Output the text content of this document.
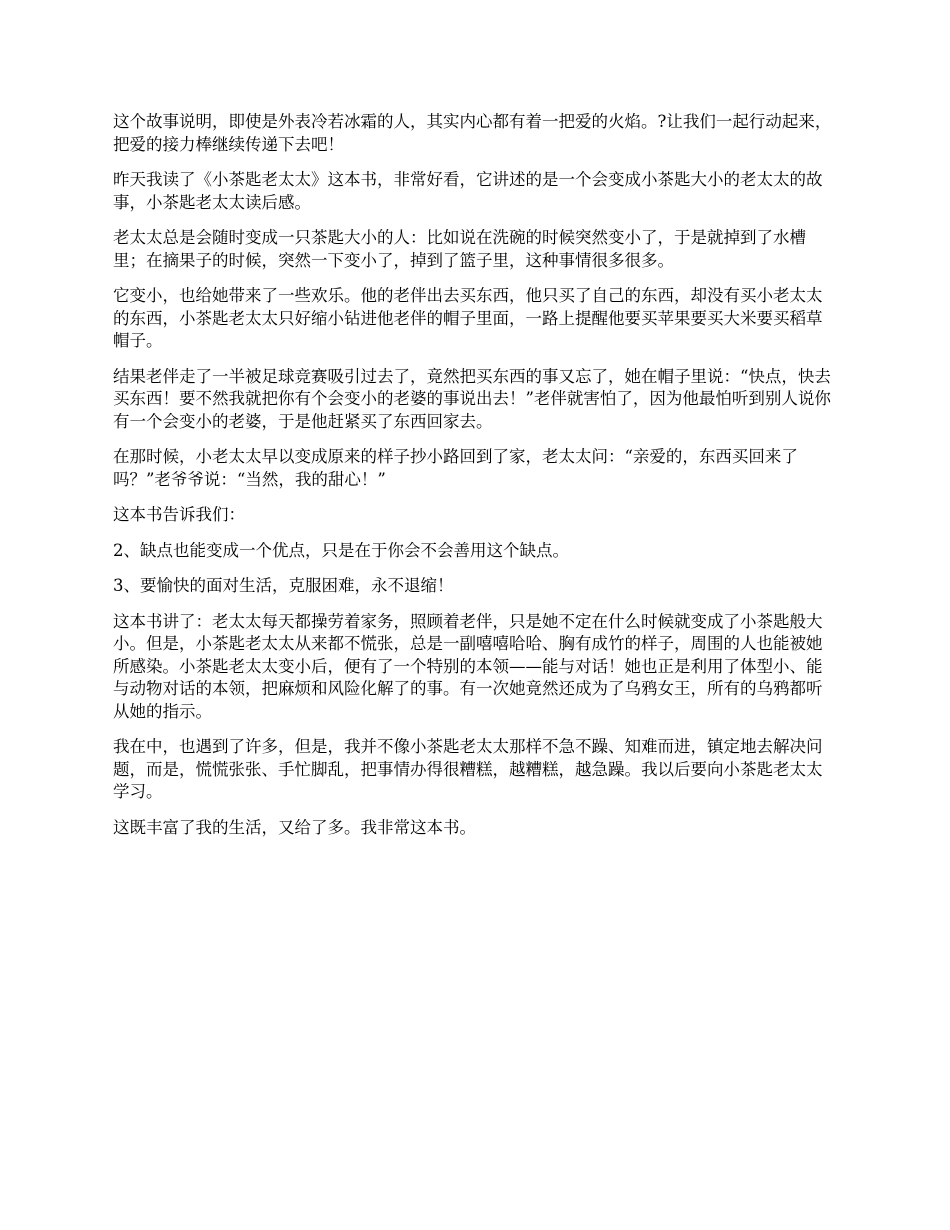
这个故事说明，即使是外表冷若冰霜的人，其实内心都有着一把爱的火焰。?让我们一起行动起来，把爱的接力棒继续传递下去吧！

昨天我读了《小茶匙老太太》这本书，非常好看，它讲述的是一个会变成小茶匙大小的老太太的故事，小茶匙老太太读后感。

老太太总是会随时变成一只茶匙大小的人：比如说在洗碗的时候突然变小了，于是就掉到了水槽里；在摘果子的时候，突然一下变小了，掉到了篮子里，这种事情很多很多。

它变小，也给她带来了一些欢乐。他的老伴出去买东西，他只买了自己的东西，却没有买小老太太的东西，小茶匙老太太只好缩小钻进他老伴的帽子里面，一路上提醒他要买苹果要买大米要买稻草帽子。

结果老伴走了一半被足球竞赛吸引过去了，竟然把买东西的事又忘了，她在帽子里说：“快点，快去买东西！要不然我就把你有个会变小的老婆的事说出去！”老伴就害怕了，因为他最怕听到别人说你有一个会变小的老婆，于是他赶紧买了东西回家去。

在那时候，小老太太早以变成原来的样子抄小路回到了家，老太太问：“亲爱的，东西买回来了吗？”老爷爷说：“当然，我的甜心！”

这本书告诉我们：

2、缺点也能变成一个优点，只是在于你会不会善用这个缺点。

3、要愉快的面对生活，克服困难，永不退缩！

这本书讲了：老太太每天都操劳着家务，照顾着老伴，只是她不定在什么时候就变成了小茶匙般大小。但是，小茶匙老太太从来都不慌张，总是一副嘻嘻哈哈、胸有成竹的样子，周围的人也能被她所感染。小茶匙老太太变小后，便有了一个特别的本领——能与对话！她也正是利用了体型小、能与动物对话的本领，把麻烦和风险化解了的事。有一次她竟然还成为了乌鸦女王，所有的乌鸦都听从她的指示。

我在中，也遇到了许多，但是，我并不像小茶匙老太太那样不急不躁、知难而进，镇定地去解决问题，而是，慌慌张张、手忙脚乱，把事情办得很糟糕，越糟糕，越急躁。我以后要向小茶匙老太太学习。

这既丰富了我的生活，又给了多。我非常这本书。
